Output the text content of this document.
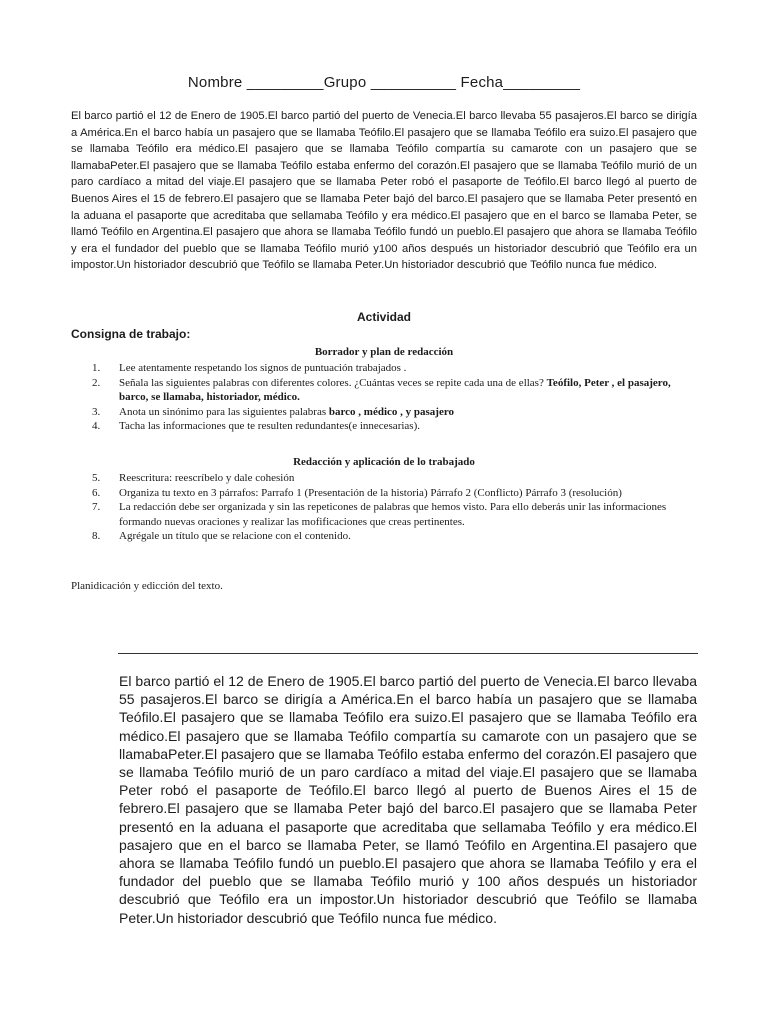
Nombre _________Grupo __________ Fecha_________

El barco partió el 12 de Enero de 1905.El barco partió del puerto de Venecia.El barco llevaba 55 pasajeros.El barco se dirigía a América.En el barco había un pasajero que se llamaba Teófilo.El pasajero que se llamaba Teófilo era suizo.El pasajero que se llamaba Teófilo era médico.El pasajero que se llamaba Teófilo compartía su camarote con un pasajero que se llamabaPeter.El pasajero que se llamaba Teófilo estaba enfermo del corazón.El pasajero que se llamaba Teófilo murió de un paro cardíaco a mitad del viaje.El pasajero que se llamaba Peter robó el pasaporte de Teófilo.El barco llegó al puerto de Buenos Aires el 15 de febrero.El pasajero que se llamaba Peter bajó del barco.El pasajero que se llamaba Peter presentó en la aduana el pasaporte que acreditaba que sellamaba Teófilo y era médico.El pasajero que en el barco se llamaba Peter, se llamó Teófilo en Argentina.El pasajero que ahora se llamaba Teófilo fundó un pueblo.El pasajero que ahora se llamaba Teófilo y era el fundador del pueblo que se llamaba Teófilo murió y100 años después un historiador descubrió que Teófilo era un impostor.Un historiador descubrió que Teófilo se llamaba Peter.Un historiador descubrió que Teófilo nunca fue médico.

Actividad
Consigna de trabajo:
Borrador y plan de redacción
1.	Lee atentamente respetando los signos de puntuación trabajados .
2.	Señala las siguientes palabras con diferentes colores. ¿Cuántas veces se repite cada una de ellas? Teófilo, Peter , el pasajero, barco, se llamaba, historiador, médico.
3.	Anota un sinónimo para las siguientes palabras barco , médico , y pasajero
4.	Tacha las informaciones que te resulten redundantes(e innecesarias).
Redacción y aplicación de lo trabajado
5.	Reescritura: reescríbelo y dale cohesión
6.	Organiza tu texto en 3 párrafos: Parrafo 1 (Presentación de la historia) Párrafo 2 (Conflicto) Párrafo 3 (resolución)
7.	La redacción debe ser organizada y sin las repeticones de palabras que hemos visto. Para ello deberás unir las informaciones formando nuevas oraciones y realizar las mofificaciones que creas pertinentes.
8.	Agrégale un título que se relacione con el contenido.
Planidicación y edicción del texto.

El barco partió el 12 de Enero de 1905.El barco partió del puerto de Venecia.El barco llevaba 55 pasajeros.El barco se dirigía a América.En el barco había un pasajero que se llamaba Teófilo.El pasajero que se llamaba Teófilo era suizo.El pasajero que se llamaba Teófilo era médico.El pasajero que se llamaba Teófilo compartía su camarote con un pasajero que se llamabaPeter.El pasajero que se llamaba Teófilo estaba enfermo del corazón.El pasajero que se llamaba Teófilo murió de un paro cardíaco a mitad del viaje.El pasajero que se llamaba Peter robó el pasaporte de Teófilo.El barco llegó al puerto de Buenos Aires el 15 de febrero.El pasajero que se llamaba Peter bajó del barco.El pasajero que se llamaba Peter presentó en la aduana el pasaporte que acreditaba que sellamaba Teófilo y era médico.El pasajero que en el barco se llamaba Peter, se llamó Teófilo en Argentina.El pasajero que ahora se llamaba Teófilo fundó un pueblo.El pasajero que ahora se llamaba Teófilo y era el fundador del pueblo que se llamaba Teófilo murió y 100 años después un historiador descubrió que Teófilo era un impostor.Un historiador descubrió que Teófilo se llamaba Peter.Un historiador descubrió que Teófilo nunca fue médico.
